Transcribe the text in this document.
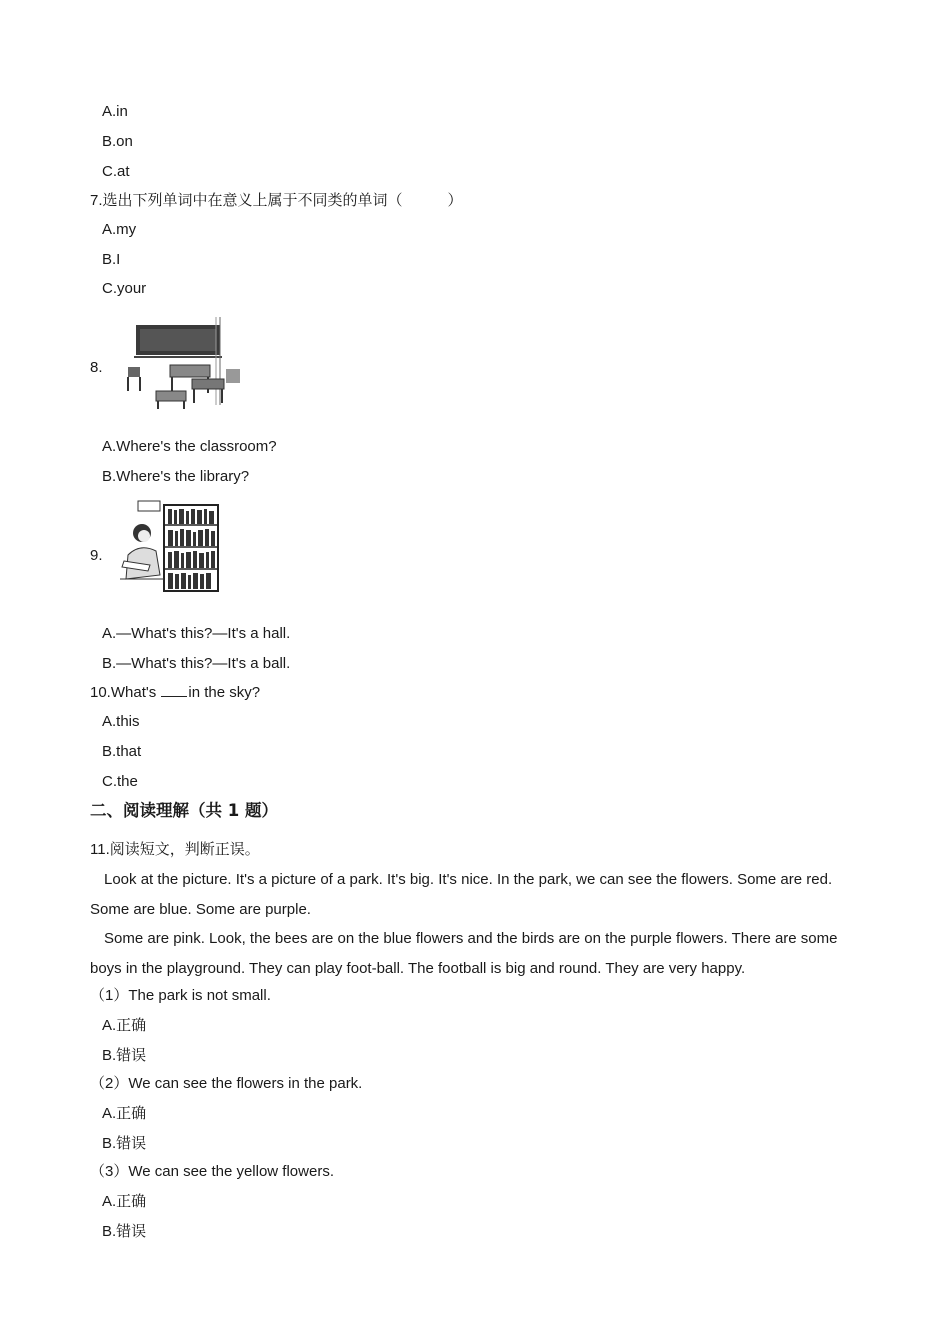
A.in
B.on
C.at
7.选出下列单词中在意义上属于不同类的单词（　　　）
A.my
B.I
C.your
8.
A.Where's the classroom?
B.Where's the library?
9.
A.—What's this?—It's a hall.
B.—What's this?—It's a ball.
10.What's in the sky?
A.this
B.that
C.the
二、阅读理解（共 1 题）
11.阅读短文，判断正误。
Look at the picture. It's a picture of a park. It's big. It's nice. In the park, we can see the flowers. Some are red. Some are blue. Some are purple.
Some are pink. Look, the bees are on the blue flowers and the birds are on the purple flowers. There are some boys in the playground. They can play foot-ball. The football is big and round. They are very happy.
（1）The park is not small.
A.正确
B.错误
（2）We can see the flowers in the park.
A.正确
B.错误
（3）We can see the yellow flowers.
A.正确
B.错误
